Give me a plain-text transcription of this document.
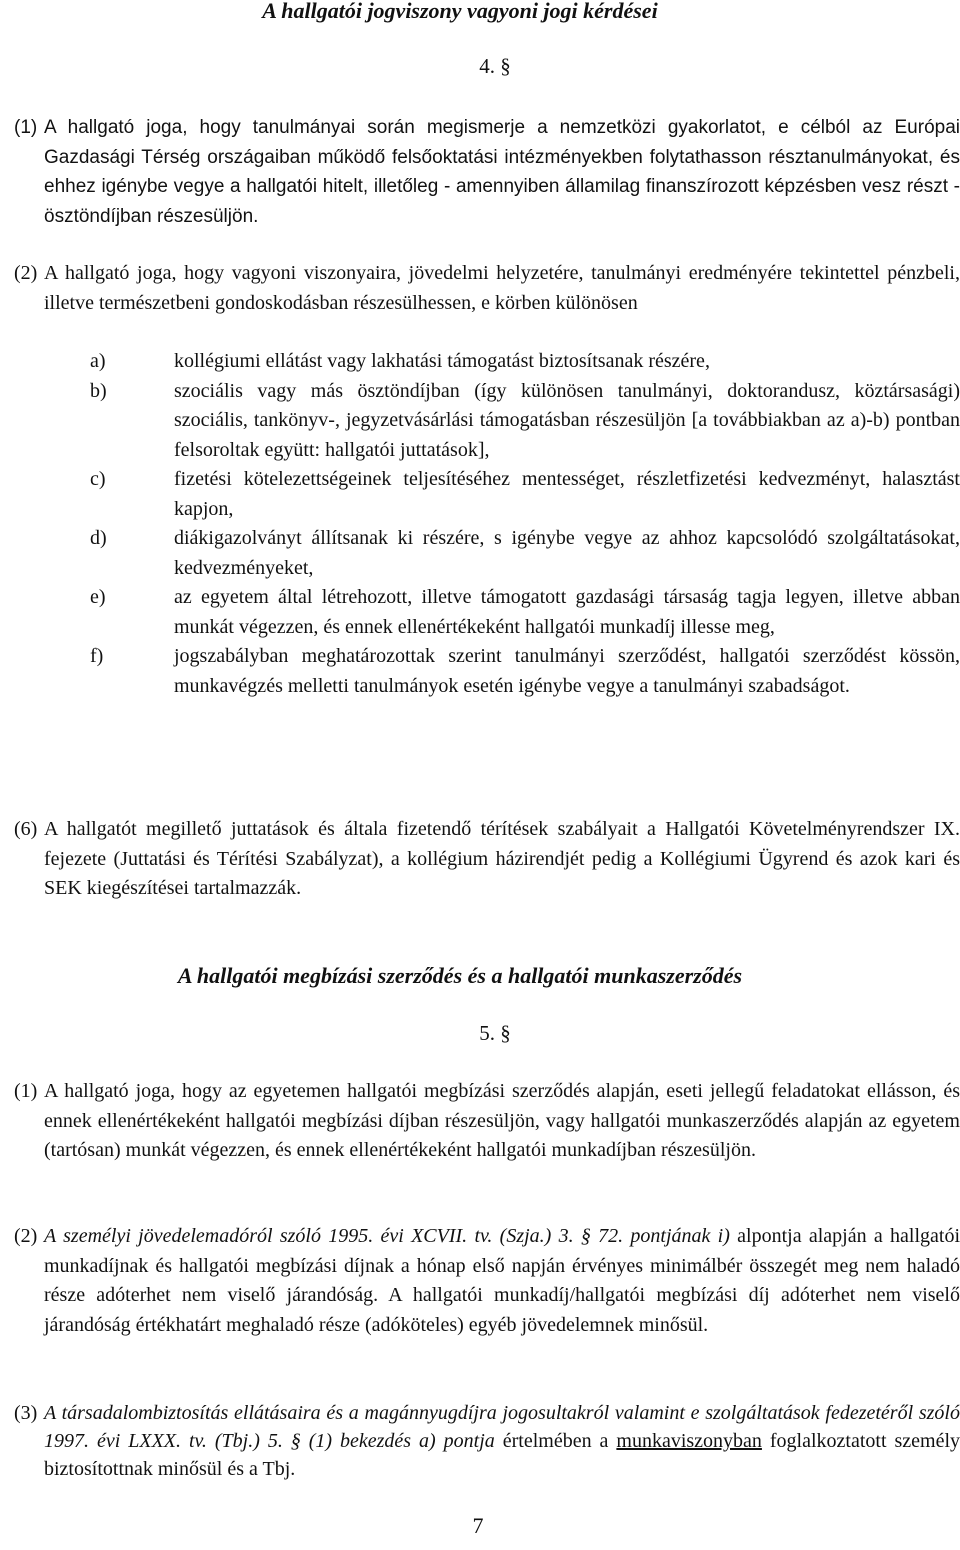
A hallgatói jogviszony vagyoni jogi kérdései

4. §

(1) A hallgató joga, hogy tanulmányai során megismerje a nemzetközi gyakorlatot, e célból az Európai Gazdasági Térség országaiban működő felsőoktatási intézményekben folytathasson résztanulmányokat, és ehhez igénybe vegye a hallgatói hitelt, illetőleg - amennyiben államilag finanszírozott képzésben vesz részt - ösztöndíjban részesüljön.

(2) A hallgató joga, hogy vagyoni viszonyaira, jövedelmi helyzetére, tanulmányi eredményére tekintettel pénzbeli, illetve természetbeni gondoskodásban részesülhessen, e körben különösen

a)	kollégiumi ellátást vagy lakhatási támogatást biztosítsanak részére,
b)	szociális vagy más ösztöndíjban (így különösen tanulmányi, doktorandusz, köztársasági) szociális, tankönyv-, jegyzetvásárlási támogatásban részesüljön [a továbbiakban az a)-b) pontban felsoroltak együtt: hallgatói juttatások],
c)	fizetési kötelezettségeinek teljesítéséhez mentességet, részletfizetési kedvezményt, halasztást kapjon,
d)	diákigazolványt állítsanak ki részére, s igénybe vegye az ahhoz kapcsolódó szolgáltatásokat, kedvezményeket,
e)	az egyetem által létrehozott, illetve támogatott gazdasági társaság tagja legyen, illetve abban munkát végezzen, és ennek ellenértékeként hallgatói munkadíj illesse meg,
f)	jogszabályban meghatározottak szerint tanulmányi szerződést, hallgatói szerződést kössön, munkavégzés melletti tanulmányok esetén igénybe vegye a tanulmányi szabadságot.

(6) A hallgatót megillető juttatások és általa fizetendő térítések szabályait a Hallgatói Követelményrendszer IX. fejezete (Juttatási és Térítési Szabályzat), a kollégium házirendjét pedig a Kollégiumi Ügyrend és azok kari és SEK kiegészítései tartalmazzák.

A hallgatói megbízási szerződés és a hallgatói munkaszerződés

5. §

(1) A hallgató joga, hogy az egyetemen hallgatói megbízási szerződés alapján, eseti jellegű feladatokat ellásson, és ennek ellenértékeként hallgatói megbízási díjban részesüljön, vagy hallgatói munkaszerződés alapján az egyetem (tartósan) munkát végezzen, és ennek ellenértékeként hallgatói munkadíjban részesüljön.

(2) A személyi jövedelemadóról szóló 1995. évi XCVII. tv. (Szja.) 3. § 72. pontjának i) alpontja alapján a hallgatói munkadíjnak és hallgatói megbízási díjnak a hónap első napján érvényes minimálbér összegét meg nem haladó része adóterhet nem viselő járandóság. A hallgatói munkadíj/hallgatói megbízási díj adóterhet nem viselő járandóság értékhatárt meghaladó része (adóköteles) egyéb jövedelemnek minősül.

(3) A társadalombiztosítás ellátásaira és a magánnyugdíjra jogosultakról valamint e szolgáltatások fedezetéről szóló 1997. évi LXXX. tv. (Tbj.) 5. § (1) bekezdés a) pontja értelmében a munkaviszonyban foglalkoztatott személy biztosítottnak minősül és a Tbj.

7
